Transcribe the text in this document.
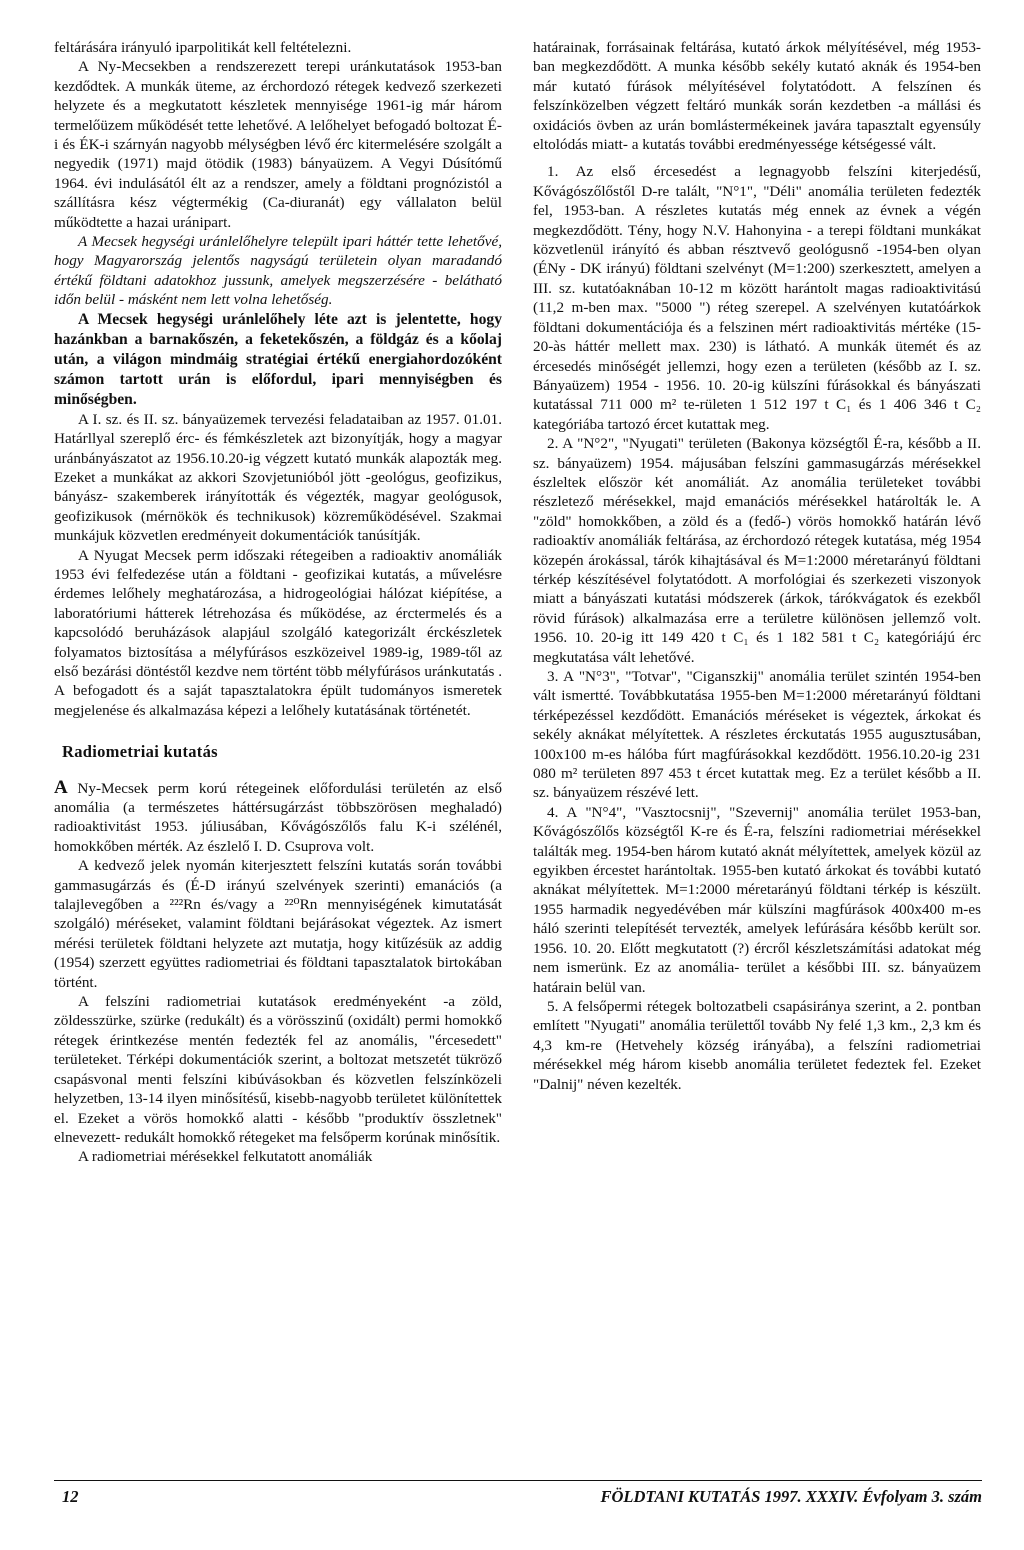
feltárására irányuló iparpolitikát kell feltételezni.

A Ny-Mecsekben a rendszerezett terepi uránkutatások 1953-ban kezdődtek. A munkák üteme, az érchordozó rétegek kedvező szerkezeti helyzete és a megkutatott készletek mennyisége 1961-ig már három termelőüzem működését tette lehetővé. A lelőhelyet befogadó boltozat É-i és ÉK-i szárnyán nagyobb mélységben lévő érc kitermelésére szolgált a negyedik (1971) majd ötödik (1983) bányaüzem. A Vegyi Dúsítómű 1964. évi indulásától élt az a rendszer, amely a földtani prognózistól a szállításra kész végtermékig (Ca-diuranát) egy vállalaton belül működtette a hazai uránipart.

A Mecsek hegységi uránlelőhelyre települt ipari háttér tette lehetővé, hogy Magyarország jelentős nagyságú területein olyan maradandó értékű földtani adatokhoz jussunk, amelyek megszerzésére - belátható időn belül - másként nem lett volna lehetőség.

A Mecsek hegységi uránlelőhely léte azt is jelentette, hogy hazánkban a barnakőszén, a feketekőszén, a földgáz és a kőolaj után, a világon mindmáig stratégiai értékű energiahordozóként számon tartott urán is előfordul, ipari mennyiségben és minőségben.

A I. sz. és II. sz. bányaüzemek tervezési feladataiban az 1957. 01.01. Határllyal szereplő érc- és fémkészletek azt bizonyítják, hogy a magyar uránbányászatot az 1956.10.20-ig végzett kutató munkák alapozták meg. Ezeket a munkákat az akkori Szovjetunióból jött -geológus, geofizikus, bányász- szakemberek irányították és végezték, magyar geológusok, geofizikusok (mérnökök és technikusok) közreműködésével. Szakmai munkájuk közvetlen eredményeit dokumentációk tanúsítják.

A Nyugat Mecsek perm időszaki rétegeiben a radioaktiv anomáliák 1953 évi felfedezése után a földtani - geofizikai kutatás, a művelésre érdemes lelőhely meghatározása, a hidrogeológiai hálózat kiépítése, a laboratóriumi hátterek létrehozása és működése, az érctermelés és a kapcsolódó beruházások alapjául szolgáló kategorizált érckészletek folyamatos biztosítása a mélyfúrásos eszközeivel 1989-ig, 1989-től az első bezárási döntéstől kezdve nem történt több mélyfúrásos uránkutatás . A befogadott és a saját tapasztalatokra épült tudományos ismeretek megjelenése és alkalmazása képezi a lelőhely kutatásának történetét.

Radiometriai kutatás

A Ny-Mecsek perm korú rétegeinek előfordulási területén az első anomália (a természetes háttérsugárzást többszörösen meghaladó) radioaktivitást 1953. júliusában, Kővágószőlős falu K-i szélénél, homokkőben mérték. Az észlelő I. D. Csuprova volt.

A kedvező jelek nyomán kiterjesztett felszíni kutatás során további gammasugárzás és (É-D irányú szelvények szerinti) emanációs (a talajlevegőben a ²²²Rn és/vagy a ²²⁰Rn mennyiségének kimutatását szolgáló) méréseket, valamint földtani bejárásokat végeztek. Az ismert mérési területek földtani helyzete azt mutatja, hogy kitűzésük az addig (1954) szerzett együttes radiometriai és földtani tapasztalatok birtokában történt.

A felszíni radiometriai kutatások eredményeként -a zöld, zöldesszürke, szürke (redukált) és a vörösszinű (oxidált) permi homokkő rétegek érintkezése mentén fedezték fel az anomális, "ércesedett" területeket. Térképi dokumentációk szerint, a boltozat metszetét tükröző csapásvonal menti felszíni kibúvásokban és közvetlen felszínközeli helyzetben, 13-14 ilyen minősítésű, kisebb-nagyobb területet különítettek el. Ezeket a vörös homokkő alatti - később "produktív összletnek" elnevezett- redukált homokkő rétegeket ma felsőperm korúnak minősítik.

A radiometriai mérésekkel felkutatott anomáliák

határainak, forrásainak feltárása, kutató árkok mélyítésével, még 1953-ban megkezdődött. A munka később sekély kutató aknák és 1954-ben már kutató fúrások mélyítésével folytatódott. A felszínen és felszínközelben végzett feltáró munkák során kezdetben -a mállási és oxidációs övben az urán bomlástermékeinek javára tapasztalt egyensúly eltolódás miatt- a kutatás további eredményessége kétségessé vált.

1. Az első ércesedést a legnagyobb felszíni kiterjedésű, Kővágószőlőstől D-re talált, "N°1", "Déli" anomália területen fedezték fel, 1953-ban. A részletes kutatás még ennek az évnek a végén megkezdődött. Tény, hogy N.V. Hahonyina - a terepi földtani munkákat közvetlenül irányító és abban résztvevő geológusnő -1954-ben olyan (ÉNy - DK irányú) földtani szelvényt (M=1:200) szerkesztett, amelyen a III. sz. kutatóaknában 10-12 m között harántolt magas radioaktivitású (11,2 m-ben max. "5000 ") réteg szerepel. A szelvényen kutatóárkok földtani dokumentációja és a felszinen mért radioaktivitás mértéke (15-20-às háttér mellett max. 230) is látható. A munkák ütemét és az ércesedés minőségét jellemzi, hogy ezen a területen (később az I. sz. Bányaüzem) 1954 - 1956. 10. 20-ig külszíni fúrásokkal és bányászati kutatással 711 000 m² te-rületen 1 512 197 t C₁ és 1 406 346 t C₂ kategóriába tartozó ércet kutattak meg.

2. A "N°2", "Nyugati" területen (Bakonya községtől É-ra, később a II. sz. bányaüzem) 1954. májusában felszíni gammasugárzás mérésekkel észleltek először két anomáliát. Az anomália területeket további részletező mérésekkel, majd emanációs mérésekkel határolták le. A "zöld" homokkőben, a zöld és a (fedő-) vörös homokkő határán lévő radioaktív anomáliák feltárása, az érchordozó rétegek kutatása, még 1954 közepén árokással, tárók kihajtásával és M=1:2000 méretarányú földtani térkép készítésével folytatódott. A morfológiai és szerkezeti viszonyok miatt a bányászati kutatási módszerek (árkok, tárókvágatok és ezekből rövid fúrások) alkalmazása erre a területre különösen jellemző volt. 1956. 10. 20-ig itt 149 420 t C₁ és 1 182 581 t C₂ kategóriájú érc megkutatása vált lehetővé.

3. A "N°3", "Totvar", "Ciganszkij" anomália terület szintén 1954-ben vált ismertté. Továbbkutatása 1955-ben M=1:2000 méretarányú földtani térképezéssel kezdődött. Emanációs méréseket is végeztek, árkokat és sekély aknákat mélyítettek. A részletes érckutatás 1955 augusztusában, 100x100 m-es hálóba fúrt magfúrásokkal kezdődött. 1956.10.20-ig 231 080 m² területen 897 453 t ércet kutattak meg. Ez a terület később a II. sz. bányaüzem részévé lett.

4. A "N°4", "Vasztocsnij", "Szevernij" anomália terület 1953-ban, Kővágószőlős községtől K-re és É-ra, felszíni radiometriai mérésekkel találták meg. 1954-ben három kutató aknát mélyítettek, amelyek közül az egyikben ércestet harántoltak. 1955-ben kutató árkokat és további kutató aknákat mélyítettek. M=1:2000 méretarányú földtani térkép is készült. 1955 harmadik negyedévében már külszíni magfúrások 400x400 m-es háló szerinti telepítését tervezték, amelyek lefúrására később került sor. 1956. 10. 20. Előtt megkutatott (?) ércről készletszámítási adatokat még nem ismerünk. Ez az anomália- terület a későbbi III. sz. bányaüzem határain belül van.

5. A felsőpermi rétegek boltozatbeli csapásiránya szerint, a 2. pontban említett "Nyugati" anomália területtől tovább Ny felé 1,3 km., 2,3 km és 4,3 km-re (Hetvehely község irányába), a felszíni radiometriai mérésekkel még három kisebb anomália területet fedeztek fel. Ezeket "Dalnij" néven kezelték.

12	FÖLDTANI KUTATÁS 1997. XXXIV. Évfolyam 3. szám
